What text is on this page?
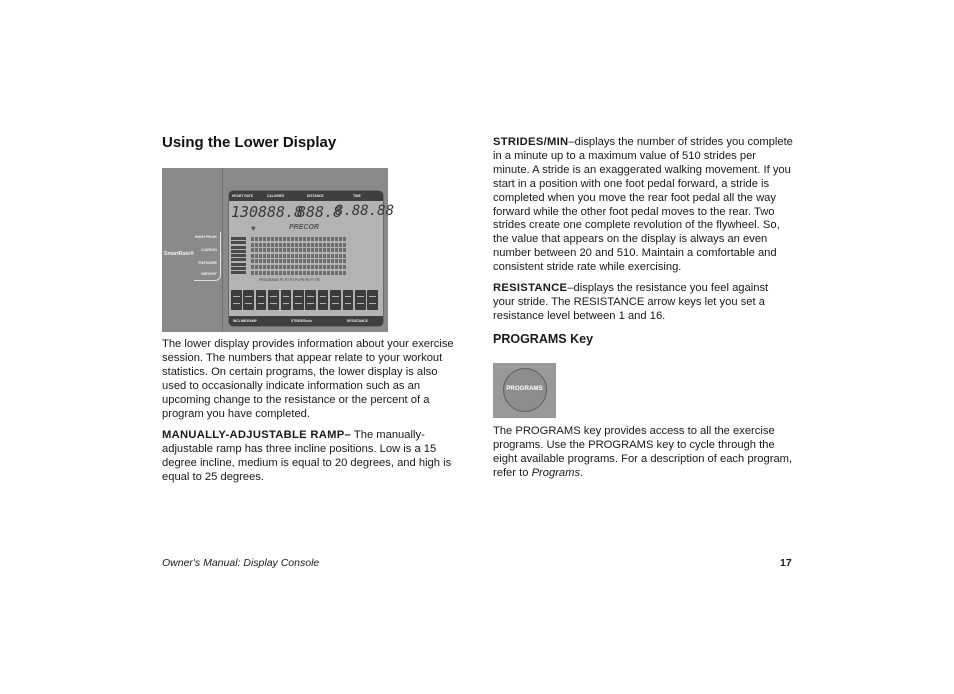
Using the Lower Display
SmartRate®
HIGH PEAK
CARDIO
PATHURE
WEIGHT
HEART RATE	CALORIES	DISTANCE	TIME
130 888.8
888.8
8.88.88
♥	PRECOR
PROGRAMS P1 P2 P3 P4 P5 P6 P7 P8
INCLINE/RAMP	STRIDES/min	RESISTANCE

The lower display provides information about your exercise session. The numbers that appear relate to your workout statistics. On certain programs, the lower display is also used to occasionally indicate information such as an upcoming change to the resistance or the percent of a program you have completed.

MANUALLY-ADJUSTABLE RAMP– The manually-adjustable ramp has three incline positions. Low is a 15 degree incline, medium is equal to 20 degrees, and high is equal to 25 degrees.

STRIDES/MIN–displays the number of strides you complete in a minute up to a maximum value of 510 strides per minute. A stride is an exaggerated walking movement. If you start in a position with one foot pedal forward, a stride is completed when you move the rear foot pedal all the way forward while the other foot pedal moves to the rear. Two strides create one complete revolution of the flywheel. So, the value that appears on the display is always an even number between 20 and 510. Maintain a comfortable and consistent stride rate while exercising.

RESISTANCE–displays the resistance you feel against your stride. The RESISTANCE arrow keys let you set a resistance level between 1 and 16.

PROGRAMS Key
PROGRAMS

The PROGRAMS key provides access to all the exercise programs. Use the PROGRAMS key to cycle through the eight available programs. For a description of each program, refer to Programs.

Owner's Manual: Display Console	17
